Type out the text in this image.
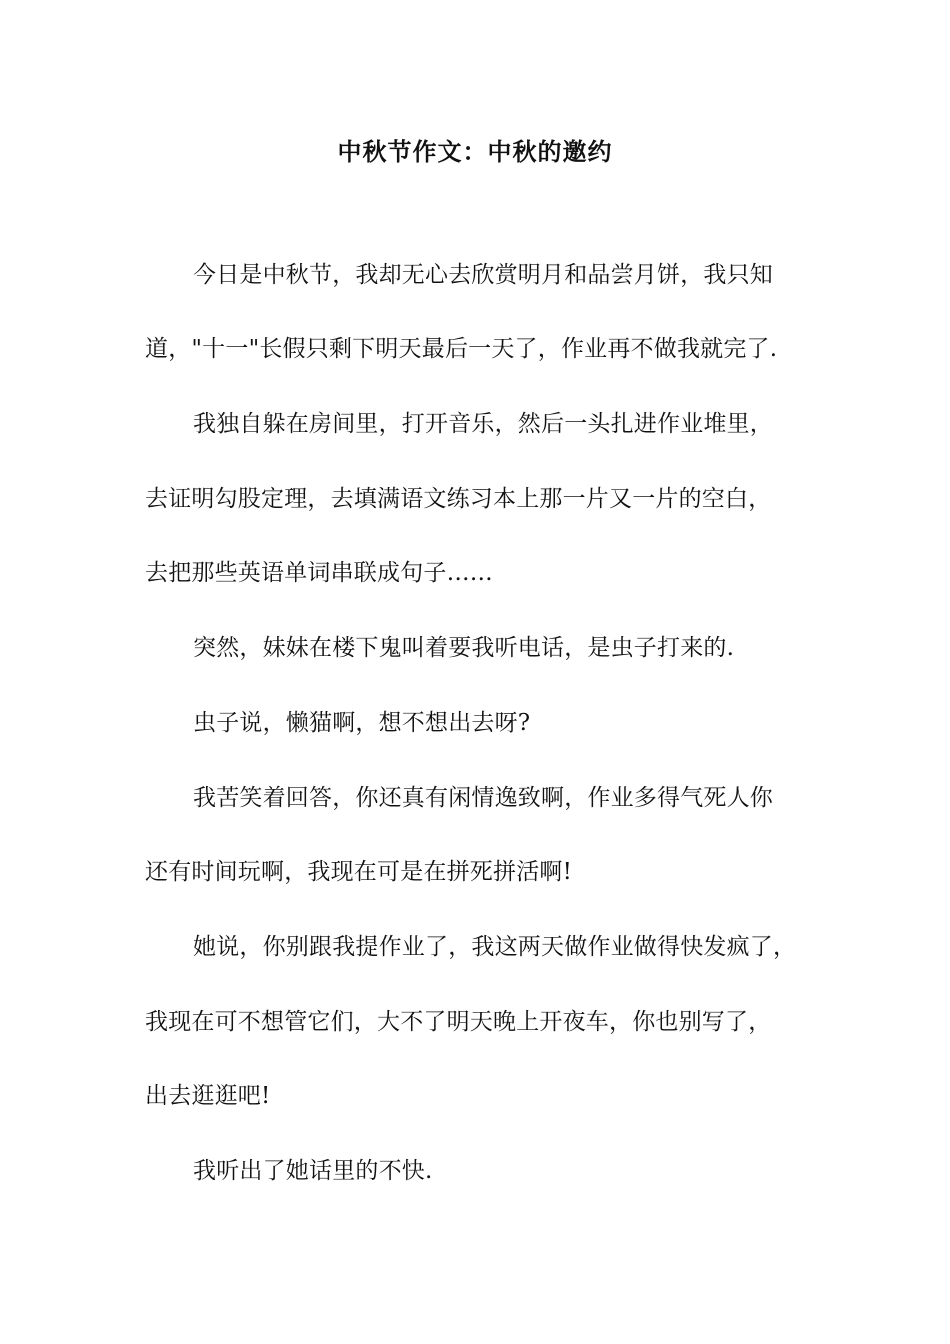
中秋节作文：中秋的邀约
今日是中秋节，我却无心去欣赏明月和品尝月饼，我只知
道，"十一"长假只剩下明天最后一天了，作业再不做我就完了.
我独自躲在房间里，打开音乐，然后一头扎进作业堆里，
去证明勾股定理，去填满语文练习本上那一片又一片的空白，
去把那些英语单词串联成句子……
突然，妹妹在楼下鬼叫着要我听电话，是虫子打来的.
虫子说，懒猫啊，想不想出去呀?
我苦笑着回答，你还真有闲情逸致啊，作业多得气死人你
还有时间玩啊，我现在可是在拼死拼活啊!
她说，你别跟我提作业了，我这两天做作业做得快发疯了，
我现在可不想管它们，大不了明天晚上开夜车，你也别写了，
出去逛逛吧!
我听出了她话里的不快.
